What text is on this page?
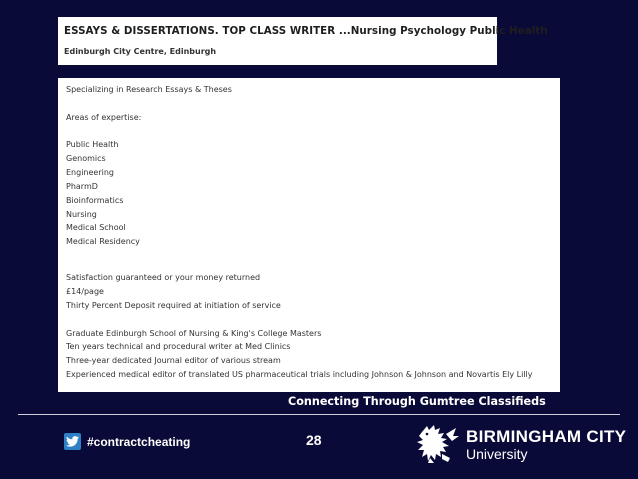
ESSAYS & DISSERTATIONS. TOP CLASS WRITER ...Nursing Psychology Public Health
Edinburgh City Centre, Edinburgh
Specializing in Research Essays & Theses
Areas of expertise:
Public Health
Genomics
Engineering
PharmD
Bioinformatics
Nursing
Medical School
Medical Residency
Satisfaction guaranteed or your money returned
£14/page
Thirty Percent Deposit required at initiation of service
Graduate Edinburgh School of Nursing & King's College Masters
Ten years technical and procedural writer at Med Clinics
Three-year dedicated Journal editor of various stream
Experienced medical editor of translated US pharmaceutical trials including Johnson & Johnson and Novartis Ely Lilly
Connecting Through Gumtree Classifieds
#contractcheating	28	BIRMINGHAM CITY
University
